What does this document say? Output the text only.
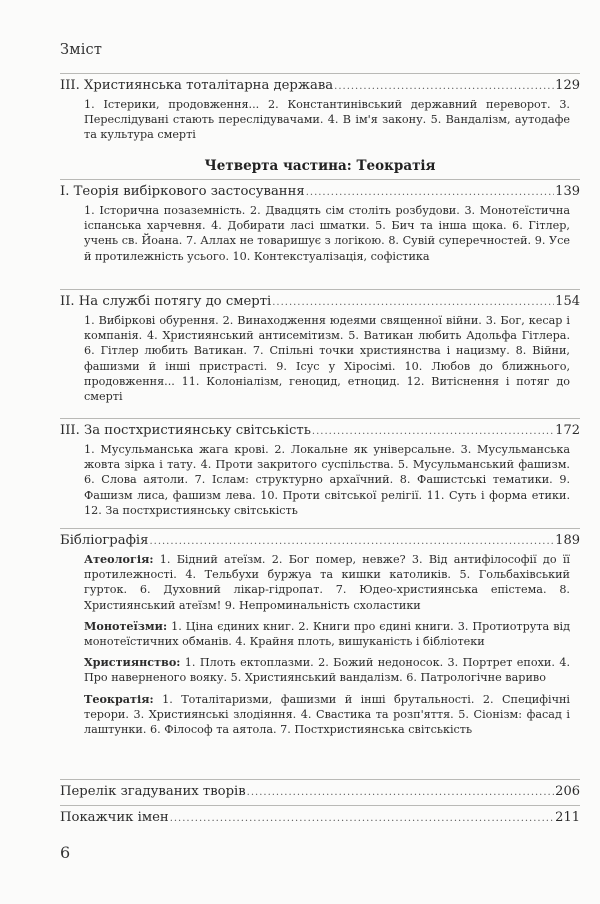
Зміст
III. Християнська тоталітарна держава .....	129
1. Істерики, продовження... 2. Константинівський державний переворот. 3. Переслідувані стають переслідувачами. 4. В ім'я закону. 5. Вандалізм, аутодафе та культура смерті
Четверта частина: Теократія
I. Теорія вибіркового застосування .....	139
1. Історична позаземність. 2. Двадцять сім століть розбудови. 3. Монотеїстична іспанська харчевня. 4. Добирати ласі шматки. 5. Бич та інша щока. 6. Гітлер, учень св. Йоана. 7. Аллах не товаришує з логікою. 8. Сувій суперечностей. 9. Усе й протилежність усього. 10. Контекстуалізація, софістика
II. На службі потягу до смерті .....	154
1. Вибіркові обурення. 2. Винаходження юдеями священної війни. 3. Бог, кесар і компанія. 4. Християнський антисемітизм. 5. Ватикан любить Адольфа Гітлера. 6. Гітлер любить Ватикан. 7. Спільні точки християнства і нацизму. 8. Війни, фашизми й інші пристрасті. 9. Ісус у Хіросімі. 10. Любов до ближнього, продовження... 11. Колоніалізм, геноцид, етноцид. 12. Витіснення і потяг до смерті
III. За постхристиянську світськість .....	172
1. Мусульманська жага крові. 2. Локальне як універсальне. 3. Мусульманська жовта зірка і тату. 4. Проти закритого суспільства. 5. Мусульманський фашизм. 6. Слова аятоли. 7. Іслам: структурно архаїчний. 8. Фашистські тематики. 9. Фашизм лиса, фашизм лева. 10. Проти світської релігії. 11. Суть і форма етики. 12. За постхристиянську світськість
Бібліографія .....	189
Атеологія: 1. Бідний атеїзм. 2. Бог помер, невже? 3. Від антифілософії до її протилежності. 4. Тельбухи буржуа та кишки католиків. 5. Гольбахівський гурток. 6. Духовний лікар-гідропат. 7. Юдео-християнська епістема. 8. Християнський атеїзм! 9. Непроминальність схоластики
Монотеїзми: 1. Ціна єдиних книг. 2. Книги про єдині книги. 3. Протиотрута від монотеїстичних обманів. 4. Крайня плоть, вишуканість і бібліотеки
Християнство: 1. Плоть ектоплазми. 2. Божий недоносок. 3. Портрет епохи. 4. Про наверненого вояку. 5. Християнський вандалізм. 6. Патрологічне вариво
Теократія: 1. Тоталітаризми, фашизми й інші брутальності. 2. Специфічні терори. 3. Християнські злодіяння. 4. Свастика та розп'яття. 5. Сіонізм: фасад і лаштунки. 6. Філософ та аятола. 7. Постхристиянська світськість
Перелік згадуваних творів .....	206
Покажчик імен .....	211
6
